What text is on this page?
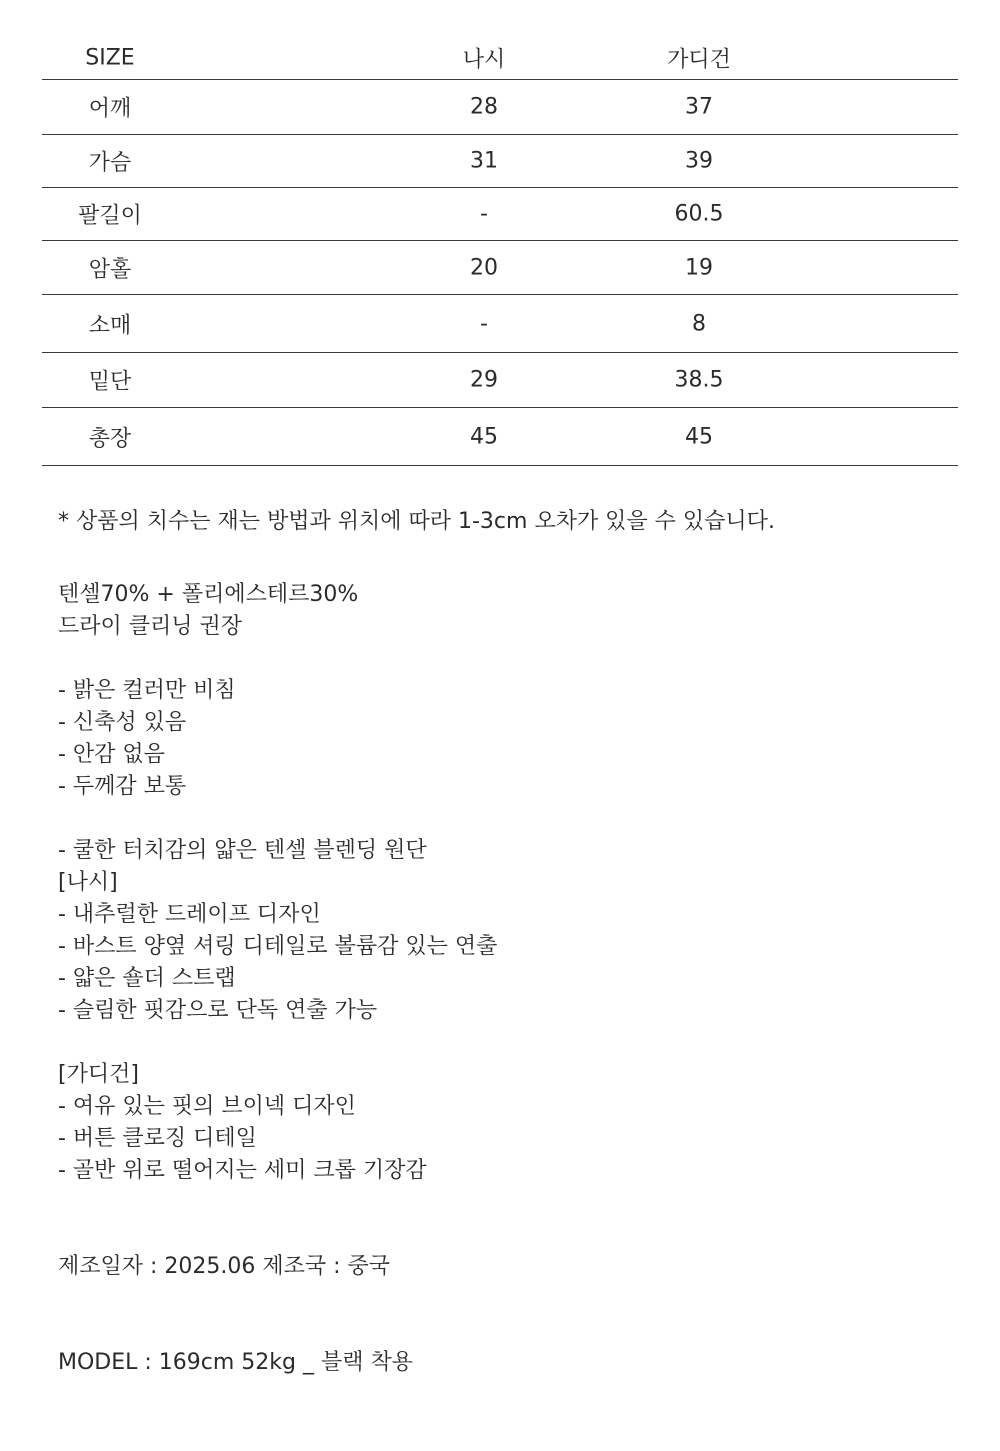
SIZE	나시	가디건
어깨	28	37
가슴	31	39
팔길이	-	60.5
암홀	20	19
소매	-	8
밑단	29	38.5
총장	45	45
* 상품의 치수는 재는 방법과 위치에 따라 1-3cm 오차가 있을 수 있습니다.
텐셀70% + 폴리에스테르30%
드라이 클리닝 권장
- 밝은 컬러만 비침
- 신축성 있음
- 안감 없음
- 두께감 보통
- 쿨한 터치감의 얇은 텐셀 블렌딩 원단
[나시]
- 내추럴한 드레이프 디자인
- 바스트 양옆 셔링 디테일로 볼륨감 있는 연출
- 얇은 숄더 스트랩
- 슬림한 핏감으로 단독 연출 가능
[가디건]
- 여유 있는 핏의 브이넥 디자인
- 버튼 클로징 디테일
- 골반 위로 떨어지는 세미 크롭 기장감
제조일자 : 2025.06 제조국 : 중국
MODEL : 169cm 52kg _ 블랙 착용
